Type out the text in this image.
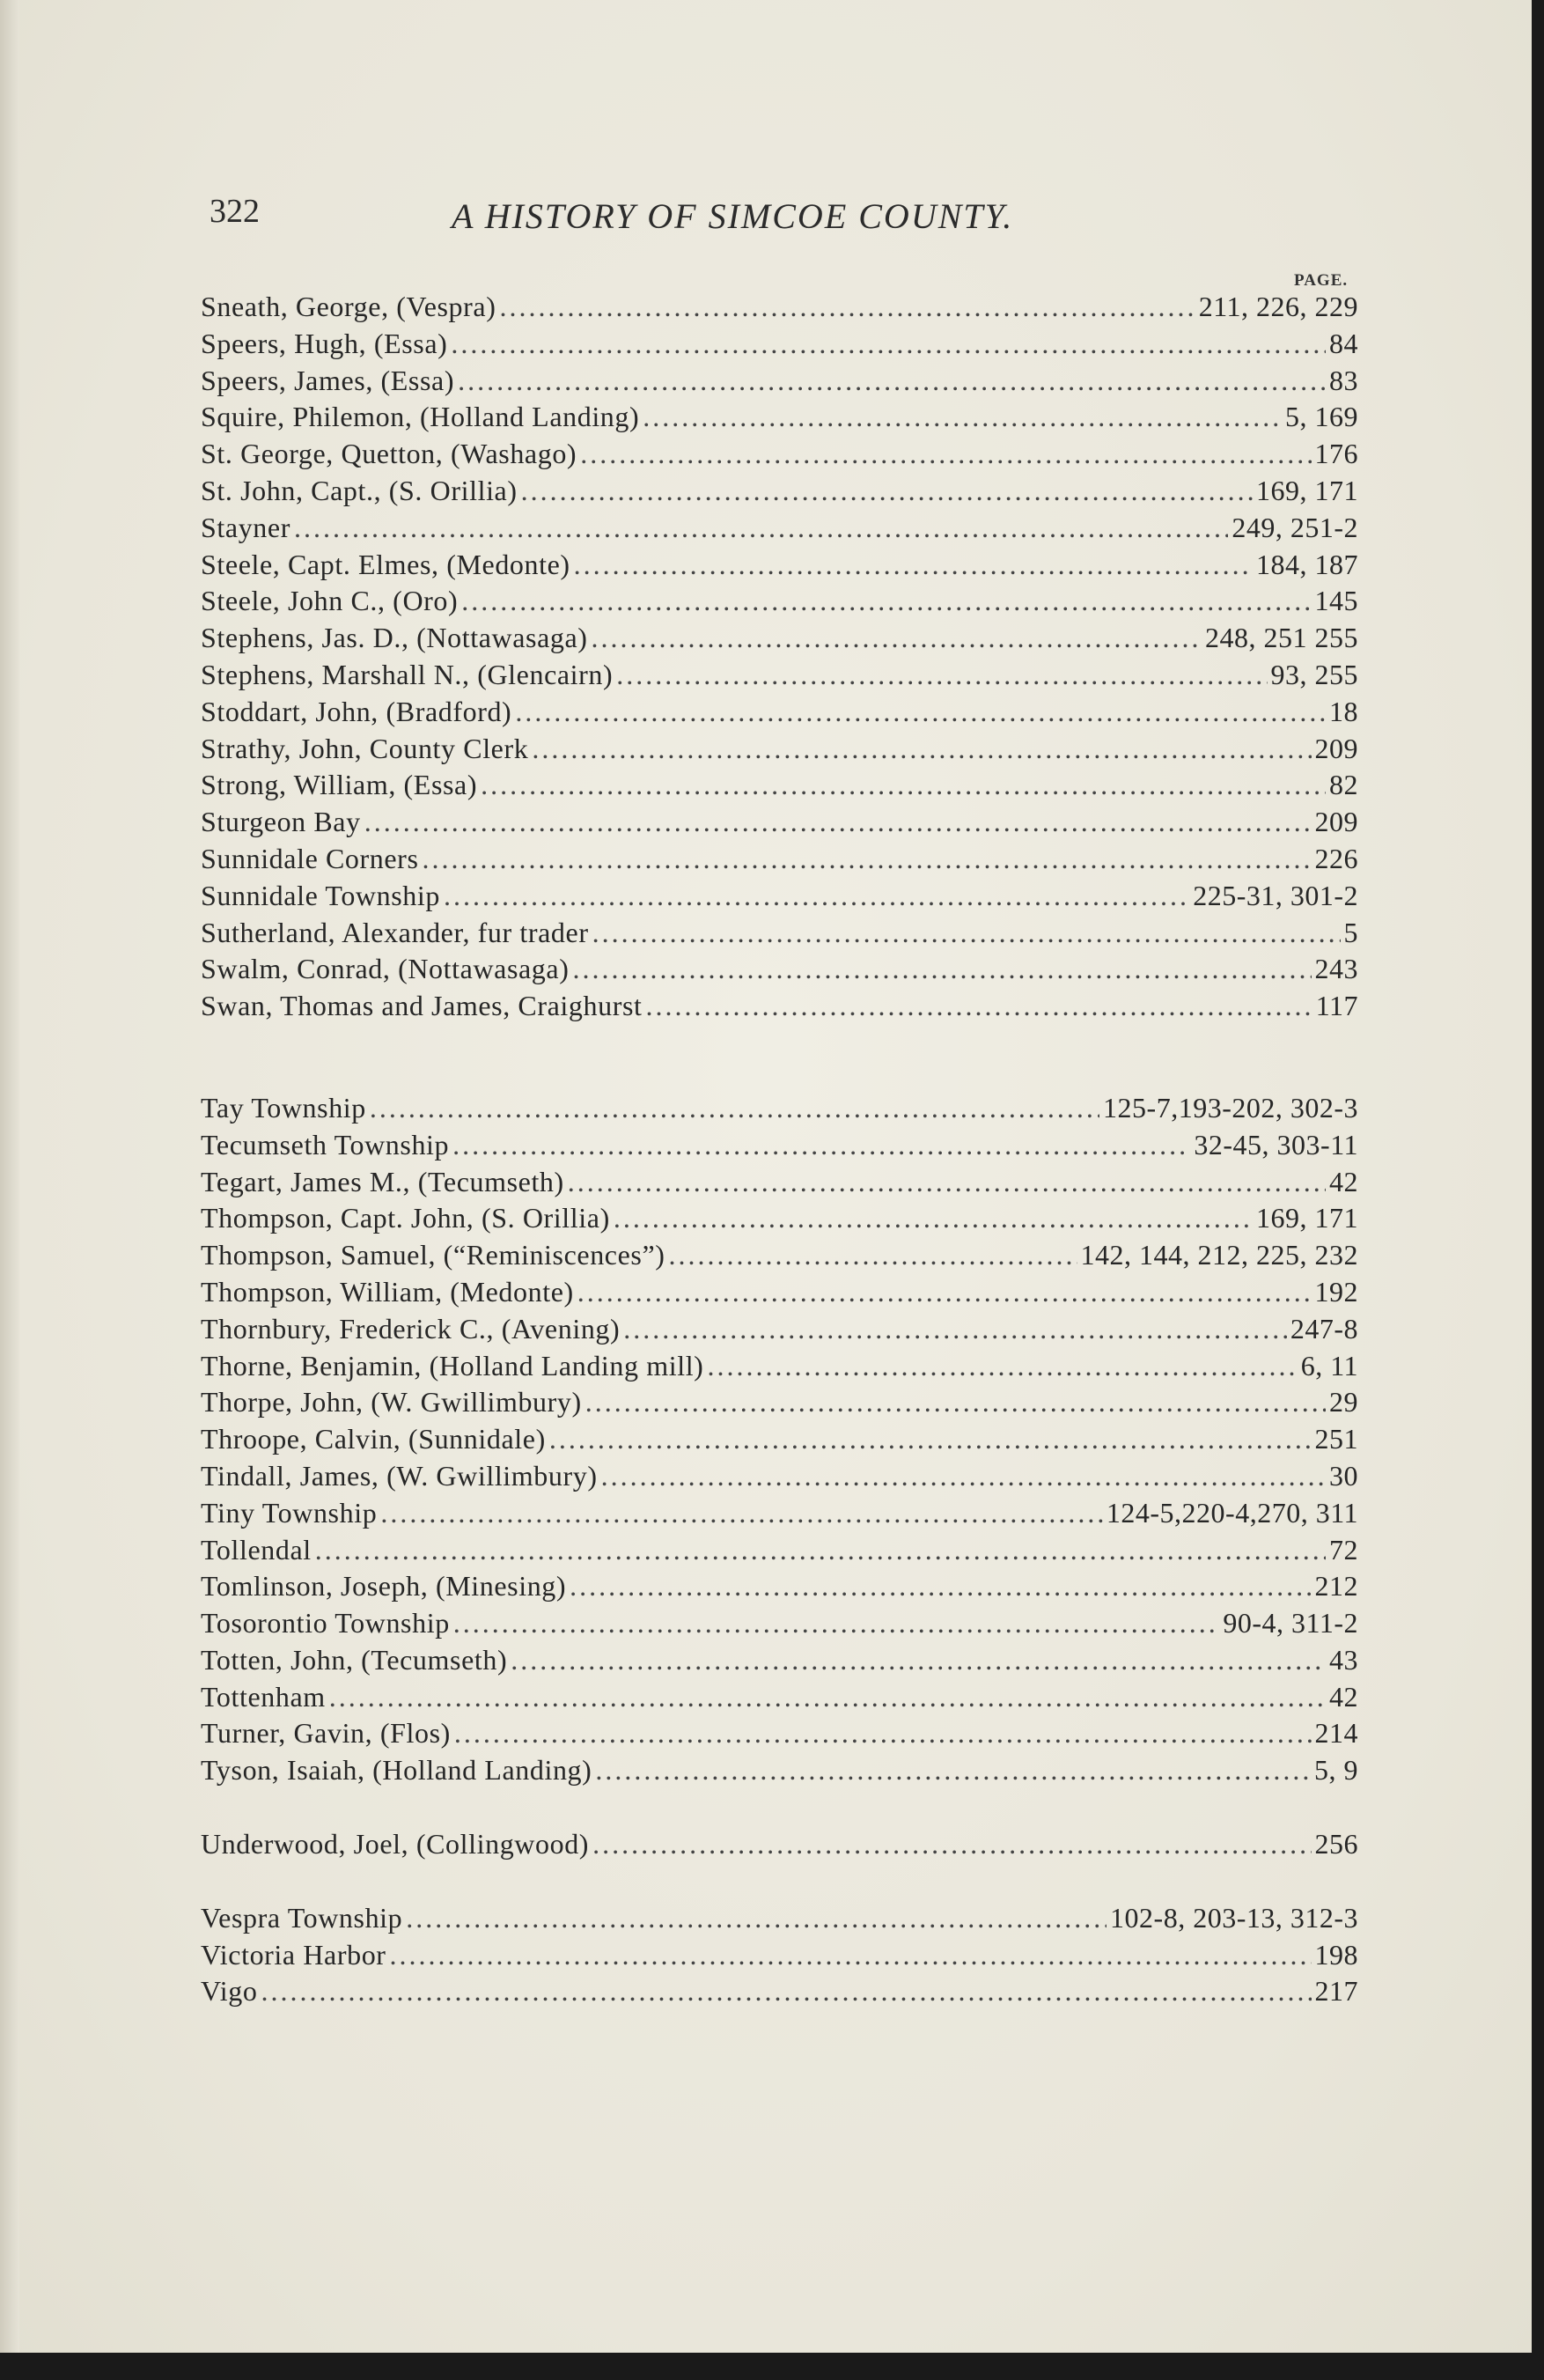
322	A HISTORY OF SIMCOE COUNTY.
PAGE.
Sneath, George, (Vespra) .....	211, 226, 229
Speers, Hugh, (Essa) .....	84
Speers, James, (Essa) .....	83
Squire, Philemon, (Holland Landing) .....	5, 169
St. George, Quetton, (Washago) .....	176
St. John, Capt., (S. Orillia) .....	169, 171
Stayner .....	249, 251-2
Steele, Capt. Elmes, (Medonte) .....	184, 187
Steele, John C., (Oro) .....	145
Stephens, Jas. D., (Nottawasaga) .....	248, 251 255
Stephens, Marshall N., (Glencairn) .....	93, 255
Stoddart, John, (Bradford) .....	18
Strathy, John, County Clerk .....	209
Strong, William, (Essa) .....	82
Sturgeon Bay .....	209
Sunnidale Corners .....	226
Sunnidale Township .....	225-31, 301-2
Sutherland, Alexander, fur trader .....	5
Swalm, Conrad, (Nottawasaga) .....	243
Swan, Thomas and James, Craighurst .....	117
Tay Township .....	125-7,193-202, 302-3
Tecumseth Township .....	32-45, 303-11
Tegart, James M., (Tecumseth) .....	42
Thompson, Capt. John, (S. Orillia) .....	169, 171
Thompson, Samuel, (“Reminiscences”) .....	142, 144, 212, 225, 232
Thompson, William, (Medonte) .....	192
Thornbury, Frederick C., (Avening) .....	247-8
Thorne, Benjamin, (Holland Landing mill) .....	6, 11
Thorpe, John, (W. Gwillimbury) .....	29
Throope, Calvin, (Sunnidale) .....	251
Tindall, James, (W. Gwillimbury) .....	30
Tiny Township .....	124-5,220-4,270, 311
Tollendal .....	72
Tomlinson, Joseph, (Minesing) .....	212
Tosorontio Township .....	90-4, 311-2
Totten, John, (Tecumseth) .....	43
Tottenham .....	42
Turner, Gavin, (Flos) .....	214
Tyson, Isaiah, (Holland Landing) .....	5, 9
Underwood, Joel, (Collingwood) .....	256
Vespra Township .....	102-8, 203-13, 312-3
Victoria Harbor .....	198
Vigo .....	217
